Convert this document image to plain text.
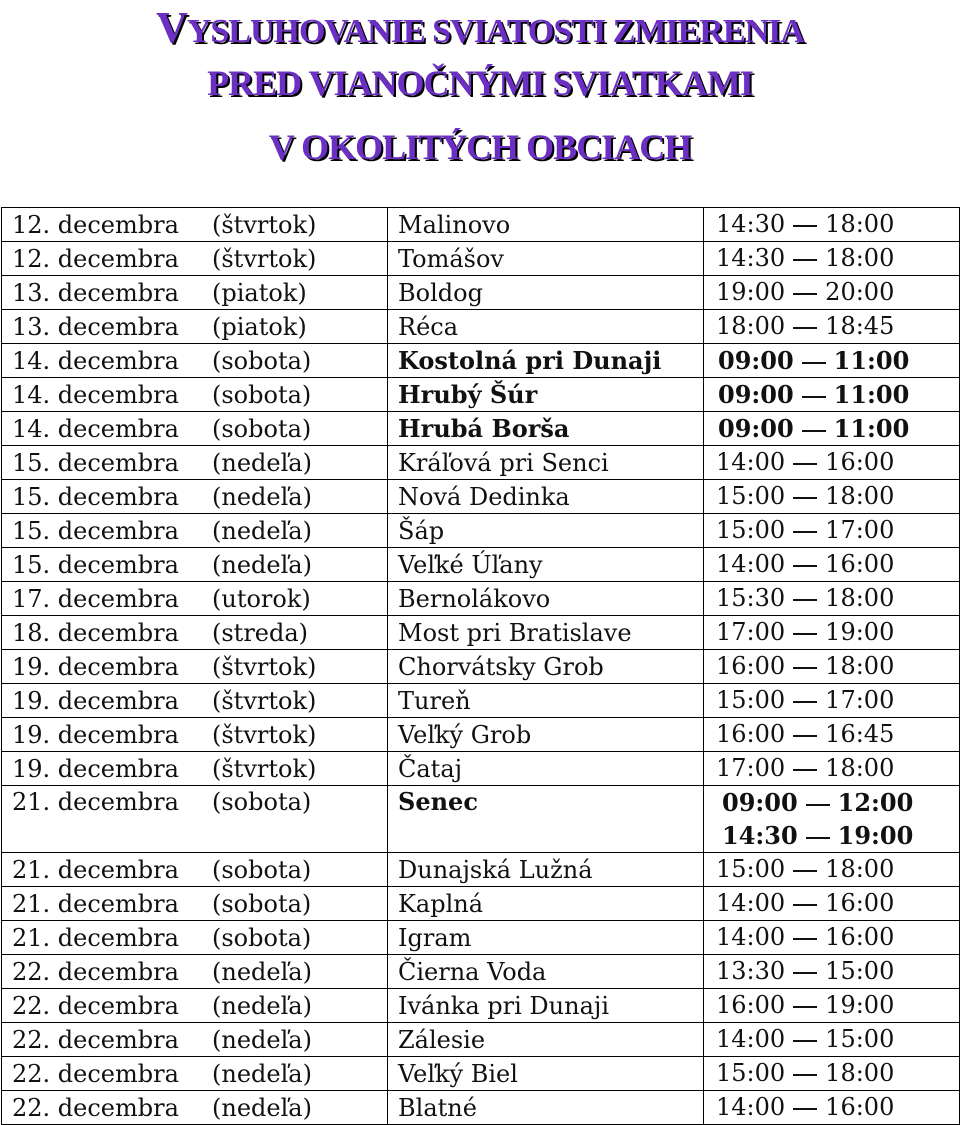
VYSLUHOVANIE SVIATOSTI ZMIERENIA
PRED VIANOČNÝMI SVIATKAMI
V OKOLITÝCH OBCIACH
12. decembra (štvrtok)	Malinovo	14:30 18:00

12. decembra (štvrtok)	Tomášov	14:30 18:00

13. decembra (piatok)	Boldog	19:00 20:00

13. decembra (piatok)	Réca	18:00 18:45

14. decembra (sobota)	Kostolná pri Dunaji	09:00 11:00

14. decembra (sobota)	Hrubý Šúr	09:00 11:00

14. decembra (sobota)	Hrubá Borša	09:00 11:00

15. decembra (nedeľa)	Kráľová pri Senci	14:00 16:00

15. decembra (nedeľa)	Nová Dedinka	15:00 18:00

15. decembra (nedeľa)	Šáp	15:00 17:00

15. decembra (nedeľa)	Veľké Úľany	14:00 16:00

17. decembra (utorok)	Bernolákovo	15:30 18:00

18. decembra (streda)	Most pri Bratislave	17:00 19:00

19. decembra (štvrtok)	Chorvátsky Grob	16:00 18:00

19. decembra (štvrtok)	Tureň	15:00 17:00

19. decembra (štvrtok)	Veľký Grob	16:00 16:45

19. decembra (štvrtok)	Čataj	17:00 18:00

21. decembra (sobota)	Senec	09:00 12:00
14:30 19:00

21. decembra (sobota)	Dunajská Lužná	15:00 18:00

21. decembra (sobota)	Kaplná	14:00 16:00

21. decembra (sobota)	Igram	14:00 16:00

22. decembra (nedeľa)	Čierna Voda	13:30 15:00

22. decembra (nedeľa)	Ivánka pri Dunaji	16:00 19:00

22. decembra (nedeľa)	Zálesie	14:00 15:00

22. decembra (nedeľa)	Veľký Biel	15:00 18:00

22. decembra (nedeľa)	Blatné	14:00 16:00
